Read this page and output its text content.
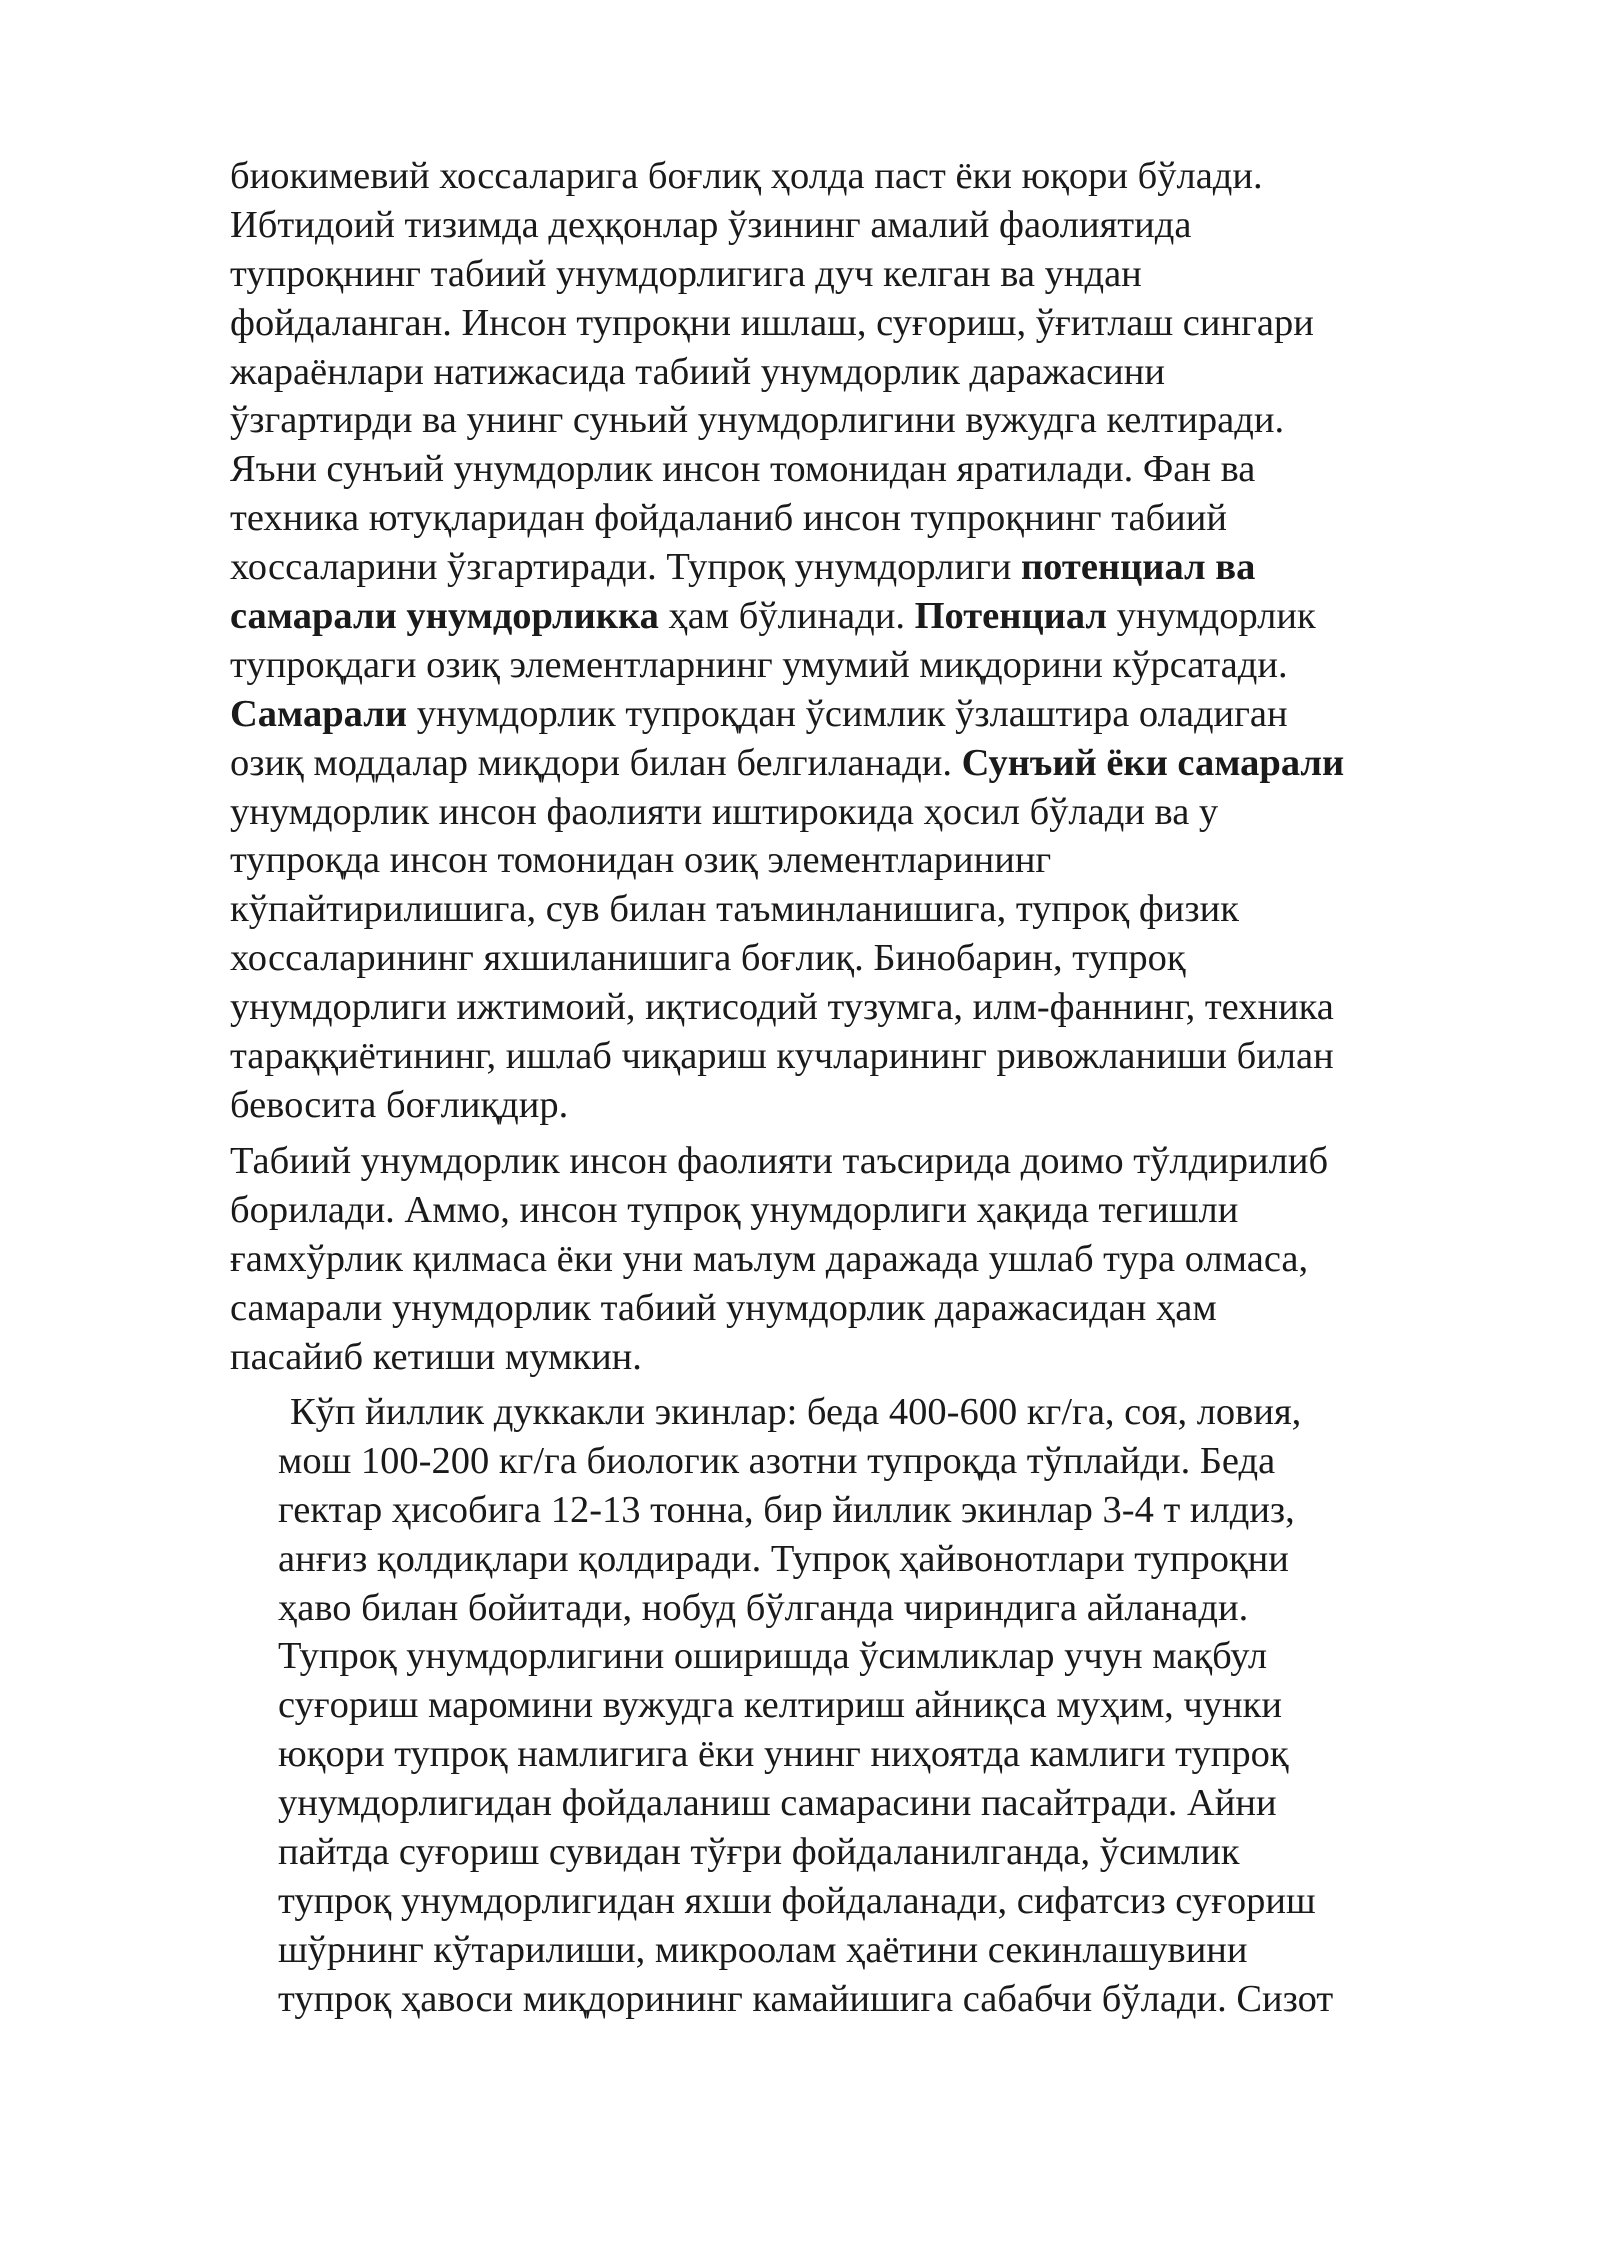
биокимевий хоссаларига боғлиқ ҳолда паст ёки юқори бўлади.
Ибтидоий тизимда деҳқонлар ўзининг амалий фаолиятида
тупроқнинг табиий унумдорлигига дуч келган ва ундан
фойдаланган. Инсон тупроқни ишлаш, суғориш, ўғитлаш сингари
жараёнлари натижасида табиий унумдорлик даражасини
ўзгартирди ва унинг суньий унумдорлигини вужудга келтиради.
Яъни сунъий унумдорлик инсон томонидан яратилади. Фан ва
техника ютуқларидан фойдаланиб инсон тупроқнинг табиий
хоссаларини ўзгартиради. Тупроқ унумдорлиги потенциал ва
самарали унумдорликка ҳам бўлинади. Потенциал унумдорлик
тупроқдаги озиқ элементларнинг умумий миқдорини кўрсатади.
Самарали унумдорлик тупроқдан ўсимлик ўзлаштира оладиган
озиқ моддалар миқдори билан белгиланади. Сунъий ёки самарали
унумдорлик инсон фаолияти иштирокида ҳосил бўлади ва у
тупроқда инсон томонидан озиқ элементларининг
кўпайтирилишига, сув билан таъминланишига, тупроқ физик
хоссаларининг яхшиланишига боғлиқ. Бинобарин, тупроқ
унумдорлиги ижтимоий, иқтисодий тузумга, илм-фаннинг, техника
тараққиётининг, ишлаб чиқариш кучларининг ривожланиши билан
бевосита боғлиқдир.
Табиий унумдорлик инсон фаолияти таъсирида доимо тўлдирилиб
борилади. Аммо, инсон тупроқ унумдорлиги ҳақида тегишли
ғамхўрлик қилмаса ёки уни маълум даражада ушлаб тура олмаса,
самарали унумдорлик табиий унумдорлик даражасидан ҳам
пасайиб кетиши мумкин.
Кўп йиллик дуккакли экинлар: беда 400-600 кг/га, соя, ловия,
мош 100-200 кг/га биологик азотни тупроқда тўплайди. Беда
гектар ҳисобига 12-13 тонна, бир йиллик экинлар 3-4 т илдиз,
анғиз қолдиқлари қолдиради. Тупроқ ҳайвонотлари тупроқни
ҳаво билан бойитади, нобуд бўлганда чириндига айланади.
Тупроқ унумдорлигини оширишда ўсимликлар учун мақбул
суғориш маромини вужудга келтириш айниқса муҳим, чунки
юқори тупроқ намлигига ёки унинг ниҳоятда камлиги тупроқ
унумдорлигидан фойдаланиш самарасини пасайтради. Айни
пайтда суғориш сувидан тўғри фойдаланилганда, ўсимлик
тупроқ унумдорлигидан яхши фойдаланади, сифатсиз суғориш
шўрнинг кўтарилиши, микроолам ҳаётини секинлашувини
тупроқ ҳавоси миқдорининг камайишига сабабчи бўлади. Сизот
